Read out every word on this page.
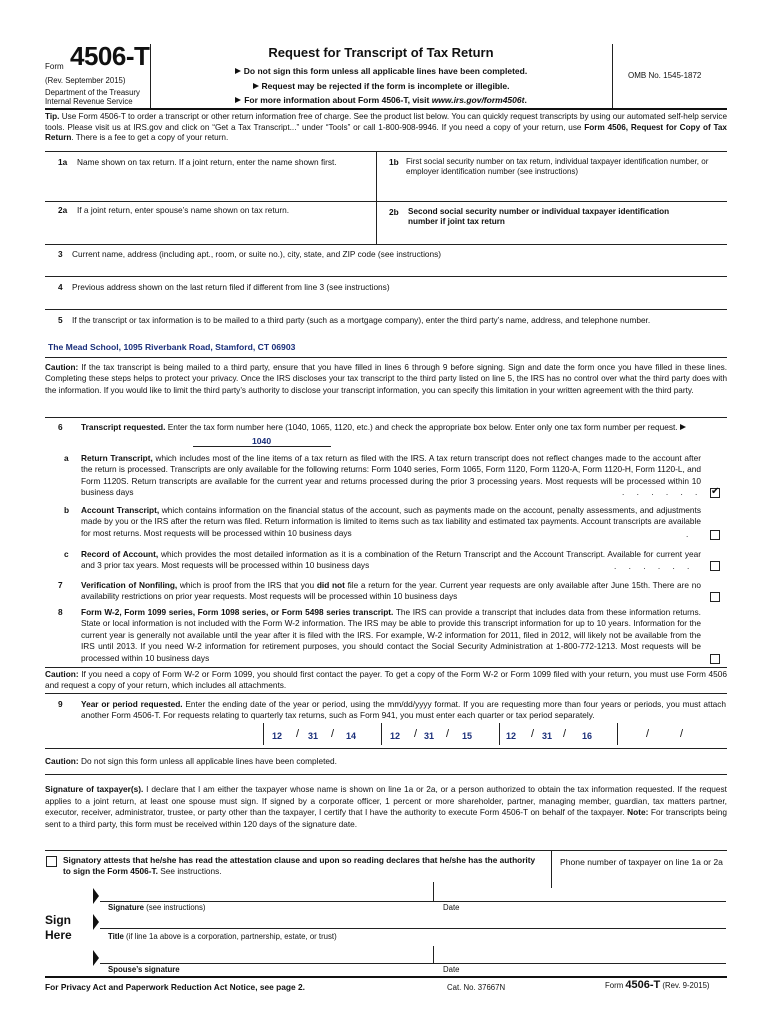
Form 4506-T
(Rev. September 2015)
Department of the Treasury
Internal Revenue Service
Request for Transcript of Tax Return
Do not sign this form unless all applicable lines have been completed.
Request may be rejected if the form is incomplete or illegible.
For more information about Form 4506-T, visit www.irs.gov/form4506t.
OMB No. 1545-1872
Tip. Use Form 4506-T to order a transcript or other return information free of charge. See the product list below. You can quickly request transcripts by using our automated self-help service tools. Please visit us at IRS.gov and click on “Get a Tax Transcript...” under “Tools” or call 1-800-908-9946. If you need a copy of your return, use Form 4506, Request for Copy of Tax Return. There is a fee to get a copy of your return.
1a Name shown on tax return. If a joint return, enter the name shown first.	1b First social security number on tax return, individual taxpayer identification number, or employer identification number (see instructions)
2a If a joint return, enter spouse’s name shown on tax return.	2b Second social security number or individual taxpayer identification number if joint tax return
3 Current name, address (including apt., room, or suite no.), city, state, and ZIP code (see instructions)
4 Previous address shown on the last return filed if different from line 3 (see instructions)
5 If the transcript or tax information is to be mailed to a third party (such as a mortgage company), enter the third party’s name, address, and telephone number.
The Mead School, 1095 Riverbank Road, Stamford, CT 06903
Caution: If the tax transcript is being mailed to a third party, ensure that you have filled in lines 6 through 9 before signing. Sign and date the form once you have filled in these lines. Completing these steps helps to protect your privacy. Once the IRS discloses your tax transcript to the third party listed on line 5, the IRS has no control over what the third party does with the information. If you would like to limit the third party’s authority to disclose your transcript information, you can specify this limitation in your written agreement with the third party.
6 Transcript requested. Enter the tax form number here (1040, 1065, 1120, etc.) and check the appropriate box below. Enter only one tax form number per request.
1040
a Return Transcript, which includes most of the line items of a tax return as filed with the IRS. A tax return transcript does not reflect changes made to the account after the return is processed. Transcripts are only available for the following returns: Form 1040 series, Form 1065, Form 1120, Form 1120-A, Form 1120-H, Form 1120-L, and Form 1120S. Return transcripts are available for the current year and returns processed during the prior 3 processing years. Most requests will be processed within 10 business days	. . . . . .
✔
b Account Transcript, which contains information on the financial status of the account, such as payments made on the account, penalty assessments, and adjustments made by you or the IRS after the return was filed. Return information is limited to items such as tax liability and estimated tax payments. Account transcripts are available for most returns. Most requests will be processed within 10 business days	.
c Record of Account, which provides the most detailed information as it is a combination of the Return Transcript and the Account Transcript. Available for current year and 3 prior tax years. Most requests will be processed within 10 business days	. . . . . .
7 Verification of Nonfiling, which is proof from the IRS that you did not file a return for the year. Current year requests are only available after June 15th. There are no availability restrictions on prior year requests. Most requests will be processed within 10 business days
8 Form W-2, Form 1099 series, Form 1098 series, or Form 5498 series transcript. The IRS can provide a transcript that includes data from these information returns. State or local information is not included with the Form W-2 information. The IRS may be able to provide this transcript information for up to 10 years. Information for the current year is generally not available until the year after it is filed with the IRS. For example, W-2 information for 2011, filed in 2012, will likely not be available from the IRS until 2013. If you need W-2 information for retirement purposes, you should contact the Social Security Administration at 1-800-772-1213. Most requests will be processed within 10 business days
Caution: If you need a copy of Form W-2 or Form 1099, you should first contact the payer. To get a copy of the Form W-2 or Form 1099 filed with your return, you must use Form 4506 and request a copy of your return, which includes all attachments.
9 Year or period requested. Enter the ending date of the year or period, using the mm/dd/yyyy format. If you are requesting more than four years or periods, you must attach another Form 4506-T. For requests relating to quarterly tax returns, such as Form 941, you must enter each quarter or tax period separately.
12 / 31 / 14	12 / 31 / 15	12 / 31 / 16	/	/
Caution: Do not sign this form unless all applicable lines have been completed.
Signature of taxpayer(s). I declare that I am either the taxpayer whose name is shown on line 1a or 2a, or a person authorized to obtain the tax information requested. If the request applies to a joint return, at least one spouse must sign. If signed by a corporate officer, 1 percent or more shareholder, partner, managing member, guardian, tax matters partner, executor, receiver, administrator, trustee, or party other than the taxpayer, I certify that I have the authority to execute Form 4506-T on behalf of the taxpayer. Note: For transcripts being sent to a third party, this form must be received within 120 days of the signature date.
Signatory attests that he/she has read the attestation clause and upon so reading declares that he/she has the authority to sign the Form 4506-T. See instructions.
Phone number of taxpayer on line 1a or 2a
Sign
Here
Signature (see instructions)	Date
Title (if line 1a above is a corporation, partnership, estate, or trust)
Spouse’s signature	Date
For Privacy Act and Paperwork Reduction Act Notice, see page 2.	Cat. No. 37667N	Form 4506-T (Rev. 9-2015)
